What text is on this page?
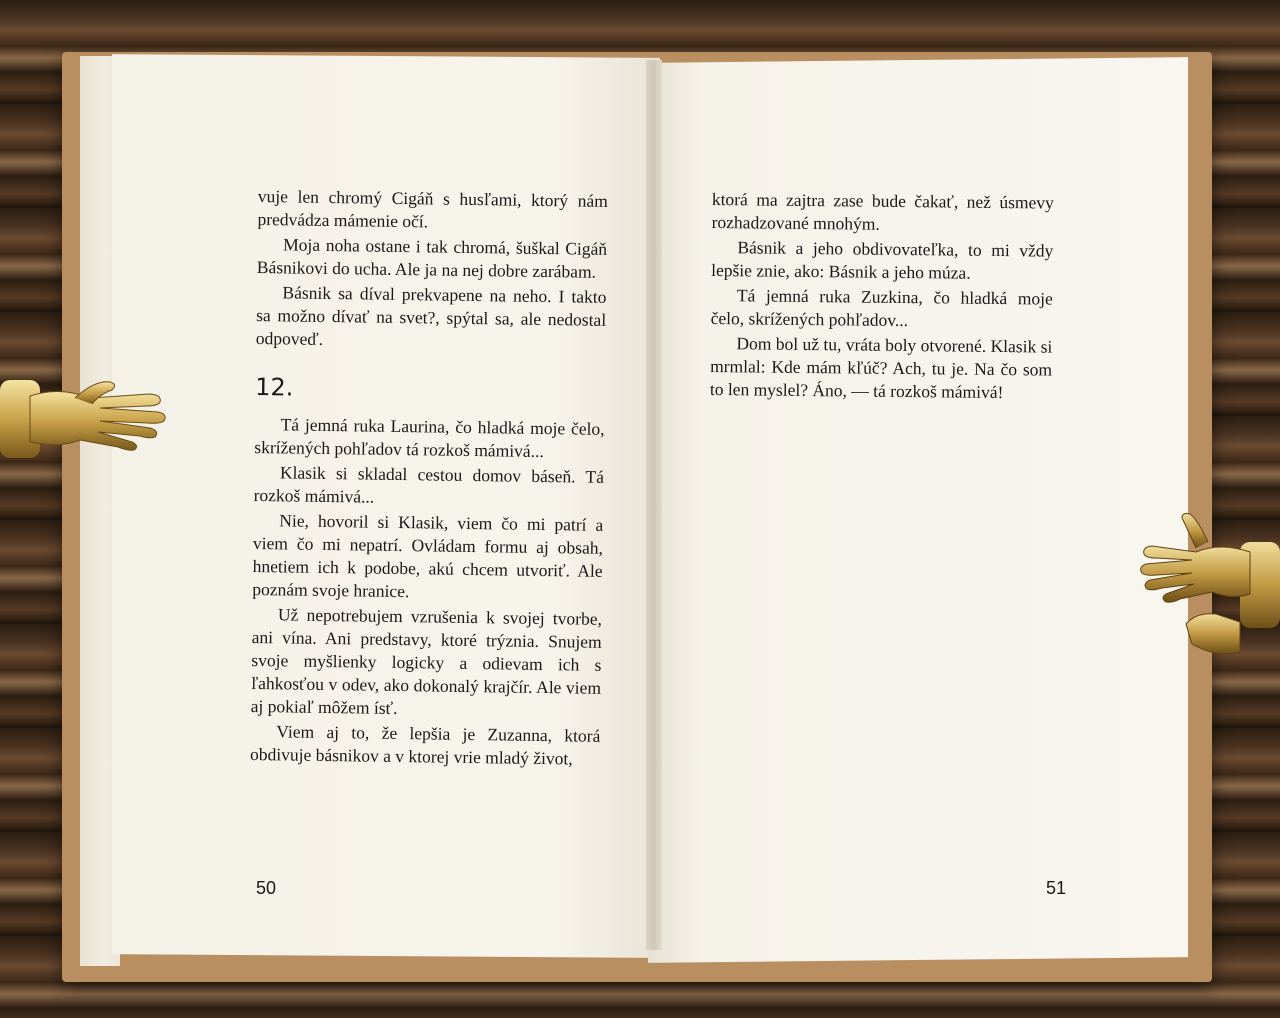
vuje len chromý Cigáň s husľami, ktorý nám predvádza mámenie očí.

Moja noha ostane i tak chromá, šuškal Cigáň Básnikovi do ucha. Ale ja na nej dobre zarábam.

Básnik sa díval prekvapene na neho. I takto sa možno dívať na svet?, spýtal sa, ale nedostal odpoveď.

12.

Tá jemná ruka Laurina, čo hladká moje čelo, skrížených pohľadov tá rozkoš mámivá...

Klasik si skladal cestou domov báseň. Tá rozkoš mámivá...

Nie, hovoril si Klasik, viem čo mi patrí a viem čo mi nepatrí. Ovládam formu aj obsah, hnetiem ich k podobe, akú chcem utvoriť. Ale poznám svoje hranice.

Už nepotrebujem vzrušenia k svojej tvorbe, ani vína. Ani predstavy, ktoré trýznia. Snujem svoje myšlienky logicky a odievam ich s ľahkosťou v odev, ako dokonalý krajčír. Ale viem aj pokiaľ môžem ísť.

Viem aj to, že lepšia je Zuzanna, ktorá obdivuje básnikov a v ktorej vrie mladý život,

ktorá ma zajtra zase bude čakať, než úsmevy rozhadzované mnohým.

Básnik a jeho obdivovateľka, to mi vždy lepšie znie, ako: Básnik a jeho múza.

Tá jemná ruka Zuzkina, čo hladká moje čelo, skrížených pohľadov...

Dom bol už tu, vráta boly otvorené. Klasik si mrmlal: Kde mám kľúč? Ach, tu je. Na čo som to len myslel? Áno, — tá rozkoš mámivá!

50	51
